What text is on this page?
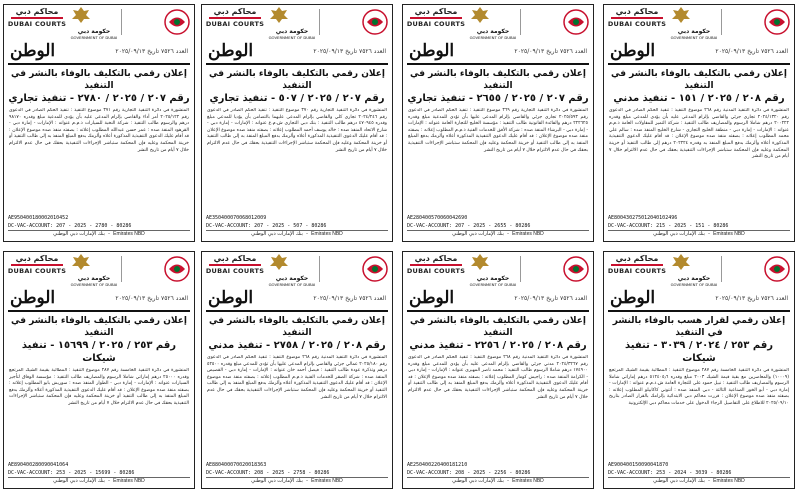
محاكم دبي
DUBAI COURTS
حكومة دبي
GOVERNMENT OF DUBAI
العدد ٧٥٢٦ تاريخ ٢٠٢٥/٠٩/١٣
الوطن
إعلان رقمي بالتكليف بالوفاء بالنشر في التنفيذ
رقم ٢٠٨ / ٢٠٢٥ / ١٥١ - تنفيذ مدني
المنشورة في دائرة التنفيذ المدنية رقم ٢٦٨ موضوع التنفيذ : تنفيذ الحكم الصادر في الدعوى رقم ٢٠٢٤/١٣٢٠ تجاري جزئي والقاضي بإلزام المدعى عليه بأن يؤدي للمدعي مبلغ وقدره ٢٠٠٢٢٢ درهم شاملا الرسوم والمصاريف طالب التنفيذ : شركة التميز للمقاولات العامة ذ.م.م عنوانه : الإمارات - إمارة دبي - منطقة الخليج التجاري - شارع الخليج المنفذ ضده : سالم علي محمد المطلوب إعلانه : بصفته منفذ ضده موضوع الإعلان : قد أقام عليك الدعوى التنفيذية المذكورة أعلاه وألزمك بدفع المبلغ المنفذ به وقدره ٢٠٢٢٢٤ درهم إلى طالب التنفيذ أو خزينة المحكمة وعليه فإن المحكمة ستباشر الإجراءات التنفيذية بحقك في حال عدم الالتزام خلال ٧ أيام من تاريخ النشر
AE800430275012040102496
DC-VAC-ACCOUNT: 215 - 2025 - 151 - 80286
بنك الإمارات دبي الوطني  -  Emirates NBD
محاكم دبي
DUBAI COURTS
حكومة دبي
GOVERNMENT OF DUBAI
العدد ٧٥٢٦ تاريخ ٢٠٢٥/٠٩/١٣
الوطن
إعلان رقمي بالتكليف بالوفاء بالنشر في التنفيذ
رقم ٢٠٧ / ٢٠٢٥ / ٢٦٥٥ - تنفيذ تجاري
المنشورة في دائرة التنفيذ التجارية رقم ٣٦٩ موضوع التنفيذ : تنفيذ الحكم الصادر في الدعوى رقم ٢٠٢٥/٥٩٣ تجاري جزئي والقاضي بإلزام المدعى عليها بأن تؤدي للمدعية مبلغ وقدره ٢٢٢٦٢٥ درهم والفائدة القانونية طالب التنفيذ : مؤسسة الخليج للتجارة العامة عنوانه : الإمارات - إمارة دبي - البرشاء المنفذ ضده : شركة الأفق للخدمات الفنية ذ.م.م المطلوب إعلانه : بصفته منفذ ضده موضوع الإعلان : قد أقام عليك الدعوى التنفيذية المذكورة أعلاه وألزمك بدفع المبلغ المنفذ به إلى طالب التنفيذ أو خزينة المحكمة وعليه فإن المحكمة ستباشر الإجراءات التنفيذية بحقك في حال عدم الالتزام خلال ٧ أيام من تاريخ النشر
AE280400570060042690
DC-VAC-ACCOUNT: 207 - 2025 - 2655 - 80286
بنك الإمارات دبي الوطني  -  Emirates NBD
محاكم دبي
DUBAI COURTS
حكومة دبي
GOVERNMENT OF DUBAI
العدد ٧٥٢٦ تاريخ ٢٠٢٥/٠٩/١٣
الوطن
إعلان رقمي بالتكليف بالوفاء بالنشر في التنفيذ
رقم ٢٠٧ / ٢٠٢٥ / ٥٠٧ - تنفيذ تجاري
المنشورة في دائرة التنفيذ التجارية رقم ٣٧٠ موضوع التنفيذ : تنفيذ الحكم الصادر في الدعوى رقم ٢٠٢٤/٢٤٦ تجاري كلي والقاضي بإلزام المدعى عليهما بالتضامن بأن يؤديا للمدعي مبلغ وقدره ٤٧٠٩٤٥ درهم طالب التنفيذ : بنك دبي التجاري ش.م.ع عنوانه : الإمارات - إمارة دبي - شارع الاتحاد المنفذ ضده : خالد يوسف أحمد المطلوب إعلانه : بصفته منفذ ضده موضوع الإعلان : قد أقام عليك الدعوى التنفيذية المذكورة أعلاه وألزمك بدفع المبلغ المنفذ به إلى طالب التنفيذ أو خزينة المحكمة وعليه فإن المحكمة ستباشر الإجراءات التنفيذية بحقك في حال عدم الالتزام خلال ٧ أيام من تاريخ النشر
AE350400070068012009
DC-VAC-ACCOUNT: 207 - 2025 - 507 - 80286
بنك الإمارات دبي الوطني  -  Emirates NBD
محاكم دبي
DUBAI COURTS
حكومة دبي
GOVERNMENT OF DUBAI
العدد ٧٥٢٦ تاريخ ٢٠٢٥/٠٩/١٣
الوطن
إعلان رقمي بالتكليف بالوفاء بالنشر في التنفيذ
رقم ٢٠٧ / ٢٠٢٥ / ٢٧٨٠ - تنفيذ تجاري
المنشورة في دائرة التنفيذ التجارية رقم ٣٧١ موضوع التنفيذ : تنفيذ الحكم الصادر في الدعوى رقم ٢٠٢٥/١٢٢ أمر أداء والقاضي بإلزام المدعى عليه بأن يؤدي للمدعية مبلغ وقدره ٩٨١٧٠ درهم والرسوم طالب التنفيذ : شركة النخبة للسيارات ذ.م.م عنوانه : الإمارات - إمارة دبي - القرهود المنفذ ضده : عمر حسن عبدالله المطلوب إعلانه : بصفته منفذ ضده موضوع الإعلان : قد أقام عليك الدعوى التنفيذية المذكورة أعلاه وألزمك بدفع المبلغ المنفذ به إلى طالب التنفيذ أو خزينة المحكمة وعليه فإن المحكمة ستباشر الإجراءات التنفيذية بحقك في حال عدم الالتزام خلال ٧ أيام من تاريخ النشر
AE950400180002010452
DC-VAC-ACCOUNT: 207 - 2025 - 2780 - 80286
بنك الإمارات دبي الوطني  -  Emirates NBD
محاكم دبي
DUBAI COURTS
حكومة دبي
GOVERNMENT OF DUBAI
العدد ٧٥٢٦ تاريخ ٢٠٢٥/٠٩/١٣
الوطن
إعلان رقمي لقرار هسب بالوفاء بالنشر في التنفيذ
رقم ٢٥٣ / ٢٠٢٤ / ٣٠٣٩ - تنفيذ شيكات
المنشورة في دائرة التنفيذ الخامسة رقم ٢٨٧ موضوع التنفيذ : المطالبة بقيمة الشيك المرتجع (١٠٠٠٩) والمعاصرين مع بقية قيمة الشيك ٢٠٠٣ مبلغ وقدره ٥١٢٤٠٥٫٦ درهم إماراتي شاملا الرسوم والمصاريف طالب التنفيذ : نبيل حمود على للتجارة العامة ش.ذ.م.م عنوانه : الإمارات - إمارة دبي - أبو الخور الصناعية الثالثة - دبي المنفذ ضده : أنتوني كاكابيلو المطلوب إعلانه : بصفته منفذ ضده موضوع الإعلان : قررت محاكم دبي الابتدائية بإلزامك بالقرار الصادر بتاريخ ٢٠٢٥/٠٩/١٠ للاطلاع على التفاصيل الرجاء الدخول على خدمات محاكم دبي الإلكترونية
AE900400150090041870
DC-VAC-ACCOUNT: 253 - 2024 - 3039 - 80286
بنك الإمارات دبي الوطني  -  Emirates NBD
محاكم دبي
DUBAI COURTS
حكومة دبي
GOVERNMENT OF DUBAI
العدد ٧٥٢٦ تاريخ ٢٠٢٥/٠٩/١٣
الوطن
إعلان رقمي بالتكليف بالوفاء بالنشر في التنفيذ
رقم ٢٠٨ / ٢٠٢٥ / ٢٢٥٦ - تنفيذ مدني
المنشورة في دائرة التنفيذ المدنية رقم ٢٦٨ موضوع التنفيذ : تنفيذ الحكم الصادر في الدعوى رقم ٢٠٢٤/٣٢٦٧ مدني جزئي والقاضي بإلزام المدعى عليه بأن يؤدي للمدعي مبلغ وقدره ١٧٤٩٠٠ درهم شاملا الرسوم طالب التنفيذ : محمد ناصر المهيري عنوانه : الإمارات - إمارة دبي - الكرامة المنفذ ضده : راجيش كومار المطلوب إعلانه : بصفته منفذ ضده موضوع الإعلان : قد أقام عليك الدعوى التنفيذية المذكورة أعلاه وألزمك بدفع المبلغ المنفذ به إلى طالب التنفيذ أو خزينة المحكمة وعليه فإن المحكمة ستباشر الإجراءات التنفيذية بحقك في حال عدم الالتزام خلال ٧ أيام من تاريخ النشر
AE250400220400181210
DC-VAC-ACCOUNT: 208 - 2025 - 2256 - 80286
بنك الإمارات دبي الوطني  -  Emirates NBD
محاكم دبي
DUBAI COURTS
حكومة دبي
GOVERNMENT OF DUBAI
العدد ٧٥٢٦ تاريخ ٢٠٢٥/٠٩/١٣
الوطن
إعلان رقمي بالتكليف بالوفاء بالنشر في التنفيذ
رقم ٢٠٨ / ٢٠٢٥ / ٢٧٥٨ - تنفيذ مدني
المنشورة في دائرة التنفيذ المدنية رقم ٢٦٨ موضوع التنفيذ : تنفيذ الحكم الصادر في الدعوى رقم ٢٠٢٥/١٨٠ عمالي جزئي والقاضي بإلزام المدعى عليها بأن تؤدي للمدعي مبلغ وقدره ٥٢٥٠٠ درهم وتذكرة عودة طالب التنفيذ : فيصل أحمد خان عنوانه : الإمارات - إمارة دبي - القصيص المنفذ ضده : شركة الصقر للخدمات الفنية ذ.م.م المطلوب إعلانه : بصفته منفذ ضده موضوع الإعلان : قد أقام عليك الدعوى التنفيذية المذكورة أعلاه وألزمك بدفع المبلغ المنفذ به إلى طالب التنفيذ أو خزينة المحكمة وعليه فإن المحكمة ستباشر الإجراءات التنفيذية بحقك في حال عدم الالتزام خلال ٧ أيام من تاريخ النشر
AE880400070020018363
DC-VAC-ACCOUNT: 208 - 2025 - 2758 - 80286
بنك الإمارات دبي الوطني  -  Emirates NBD
محاكم دبي
DUBAI COURTS
حكومة دبي
GOVERNMENT OF DUBAI
العدد ٧٥٢٦ تاريخ ٢٠٢٥/٠٩/١٣
الوطن
إعلان رقمي بالتكليف بالوفاء بالنشر في التنفيذ
رقم ٢٥٣ / ٢٠٢٥ / ١٥٦٩٩ - تنفيذ شيكات
المنشورة في دائرة التنفيذ الخامسة رقم ٢٨٧ موضوع التنفيذ : المطالبة بقيمة الشيك المرتجع وقدره ٢٥٠٠٠ درهم إماراتي شاملا الرسوم والمصاريف طالب التنفيذ : مؤسسة الوفاق لتأجير السيارات عنوانه : الإمارات - إمارة دبي - الطوار المنفذ ضده : سوريش بابو المطلوب إعلانه : بصفته منفذ ضده موضوع الإعلان : قد أقام عليك الدعوى التنفيذية المذكورة أعلاه وألزمك بدفع المبلغ المنفذ به إلى طالب التنفيذ أو خزينة المحكمة وعليه فإن المحكمة ستباشر الإجراءات التنفيذية بحقك في حال عدم الالتزام خلال ٧ أيام من تاريخ النشر
AE890400280090041064
DC-VAC-ACCOUNT: 253 - 2025 - 15699 - 80286
بنك الإمارات دبي الوطني  -  Emirates NBD
